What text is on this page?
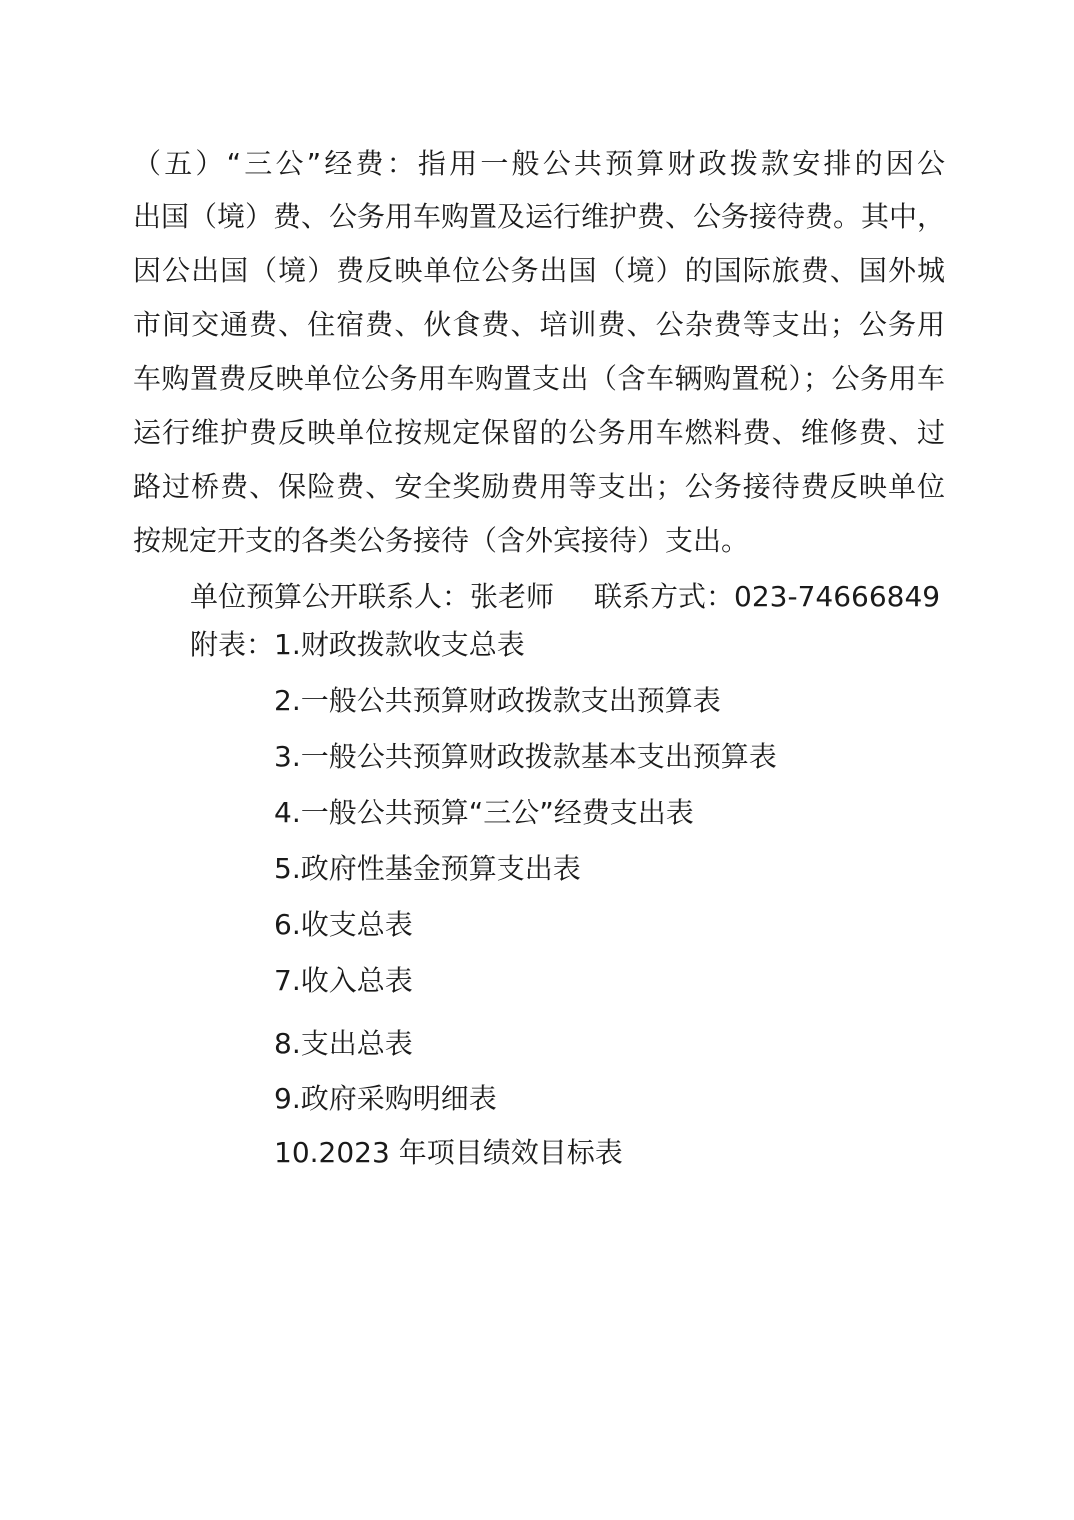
（五）“三公”经费：指用一般公共预算财政拨款安排的因公
出国（境）费、公务用车购置及运行维护费、公务接待费。其中，
因公出国（境）费反映单位公务出国（境）的国际旅费、国外城
市间交通费、住宿费、伙食费、培训费、公杂费等支出；公务用
车购置费反映单位公务用车购置支出（含车辆购置税）；公务用车
运行维护费反映单位按规定保留的公务用车燃料费、维修费、过
路过桥费、保险费、安全奖励费用等支出；公务接待费反映单位
按规定开支的各类公务接待（含外宾接待）支出。
单位预算公开联系人：张老师 联系方式：023-74666849
附表：1.财政拨款收支总表
2.一般公共预算财政拨款支出预算表
3.一般公共预算财政拨款基本支出预算表
4.一般公共预算“三公”经费支出表
5.政府性基金预算支出表
6.收支总表
7.收入总表
8.支出总表
9.政府采购明细表
10.2023 年项目绩效目标表
